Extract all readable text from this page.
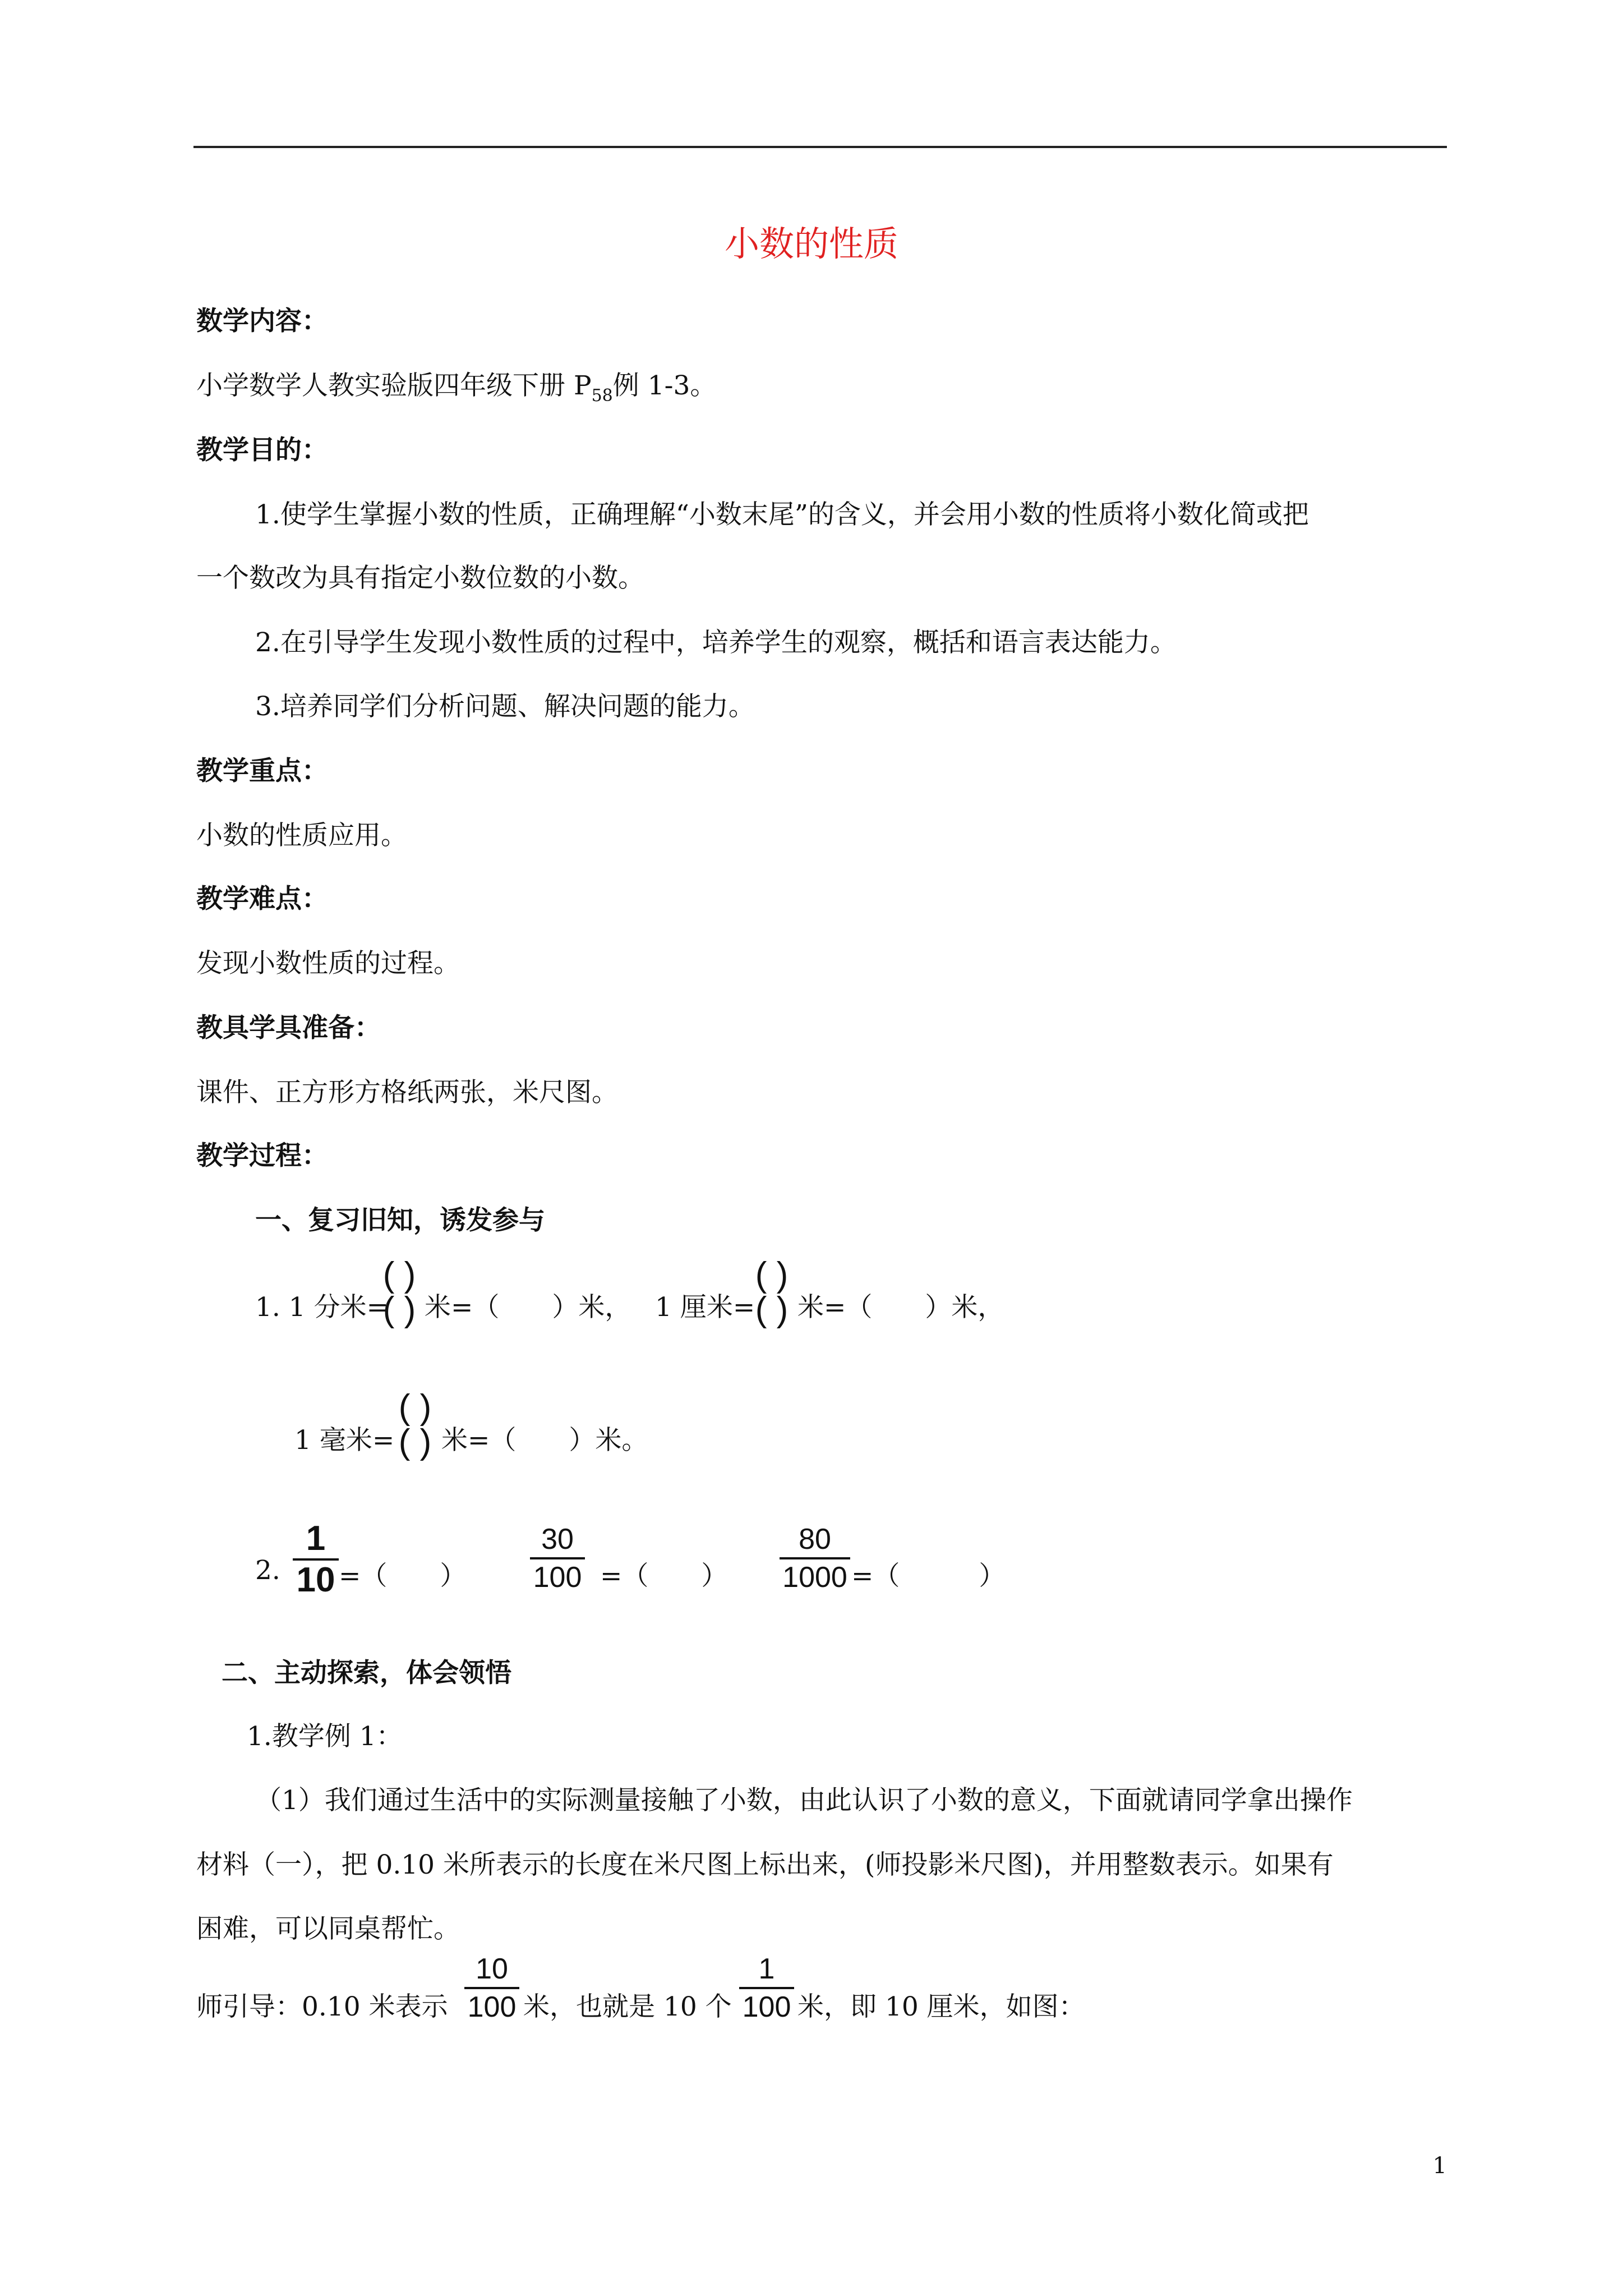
小数的性质
数学内容：
小学数学人教实验版四年级下册 $P_{58}$例 1-3。
教学目的：
1.使学生掌握小数的性质，正确理解“小数末尾”的含义，并会用小数的性质将小数化简或把
一个数改为具有指定小数位数的小数。
2.在引导学生发现小数性质的过程中，培养学生的观察，概括和语言表达能力。
3.培养同学们分析问题、解决问题的能力。
教学重点：
小数的性质应用。
教学难点：
发现小数性质的过程。
教具学具准备：
课件、正方形方格纸两张，米尺图。
教学过程：
一、复习旧知，诱发参与
1. 1 分米=
( )
( ) 米=（　　）米， 1 厘米=
( )
( ) 米=（　　）米，
1 毫米=
( )
( ) 米=（　　）米。
2.
1
10 =（　　）
30
100 =（　　）
80
1000 =（　　　）
二、主动探索，体会领悟
1.教学例 1：
（1）我们通过生活中的实际测量接触了小数，由此认识了小数的意义，下面就请同学拿出操作
材料（一），把 0.10 米所表示的长度在米尺图上标出来，(师投影米尺图)，并用整数表示。如果有
困难，可以同桌帮忙。
师引导：0.10 米表示
10
100 米，也就是 10 个
1
100 米，即 10 厘米，如图：
1
